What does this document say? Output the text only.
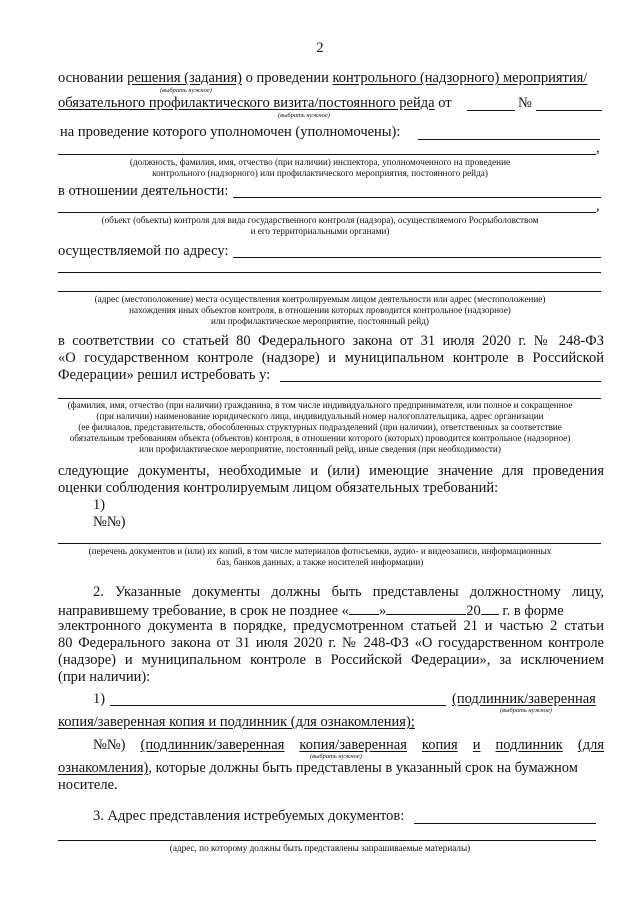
2
основании решения (задания) о проведении контрольного (надзорного) мероприятия/
(выбрать нужное)
обязательного профилактического визита/постоянного рейда от	№
(выбрать нужное)
на проведение которого уполномочен (уполномочены):
,
(должность, фамилия, имя, отчество (при наличии) инспектора, уполномоченного на проведение
контрольного (надзорного) или профилактического мероприятия, постоянного рейда)
в отношении деятельности:
,
(объект (объекты) контроля для вида государственного контроля (надзора), осуществляемого Росрыболовством
и его территориальными органами)
осуществляемой по адресу:
(адрес (местоположение) места осуществления контролируемым лицом деятельности или адрес (местоположение)
нахождения иных объектов контроля, в отношении которых проводится контрольное (надзорное)
или профилактическое мероприятие, постоянный рейд)
в соответствии со статьей 80 Федерального закона от 31 июля 2020 г. № 248-ФЗ
«О государственном контроле (надзоре) и муниципальном контроле в Российской
Федерации» решил истребовать у:
(фамилия, имя, отчество (при наличии) гражданина, в том числе индивидуального предпринимателя, или полное и сокращенное
(при наличии) наименование юридического лица, индивидуальный номер налогоплательщика, адрес организации
(ее филиалов, представительств, обособленных структурных подразделений (при наличии), ответственных за соответствие
обязательным требованиям объекта (объектов) контроля, в отношении которого (которых) проводится контрольное (надзорное)
или профилактическое мероприятие, постоянный рейд, иные сведения (при необходимости)
следующие документы, необходимые и (или) имеющие значение для проведения
оценки соблюдения контролируемым лицом обязательных требований:
1)
№№)
(перечень документов и (или) их копий, в том числе материалов фотосъемки, аудио- и видеозаписи, информационных
баз, банков данных, а также носителей информации)
2. Указанные документы должны быть представлены должностному лицу,
направившему требование, в срок не позднее « »	20 г. в форме
электронного документа в порядке, предусмотренном статьей 21 и частью 2 статьи
80 Федерального закона от 31 июля 2020 г. № 248-ФЗ «О государственном контроле
(надзоре) и муниципальном контроле в Российской Федерации», за исключением
(при наличии):
1)	(подлинник/заверенная
(выбрать нужное)
копия/заверенная копия и подлинник (для ознакомления);
№№) (подлинник/заверенная копия/заверенная копия и подлинник (для
(выбрать нужное)
ознакомления), которые должны быть представлены в указанный срок на бумажном
носителе.
3. Адрес представления истребуемых документов:
(адрес, по которому должны быть представлены запрашиваемые материалы)
